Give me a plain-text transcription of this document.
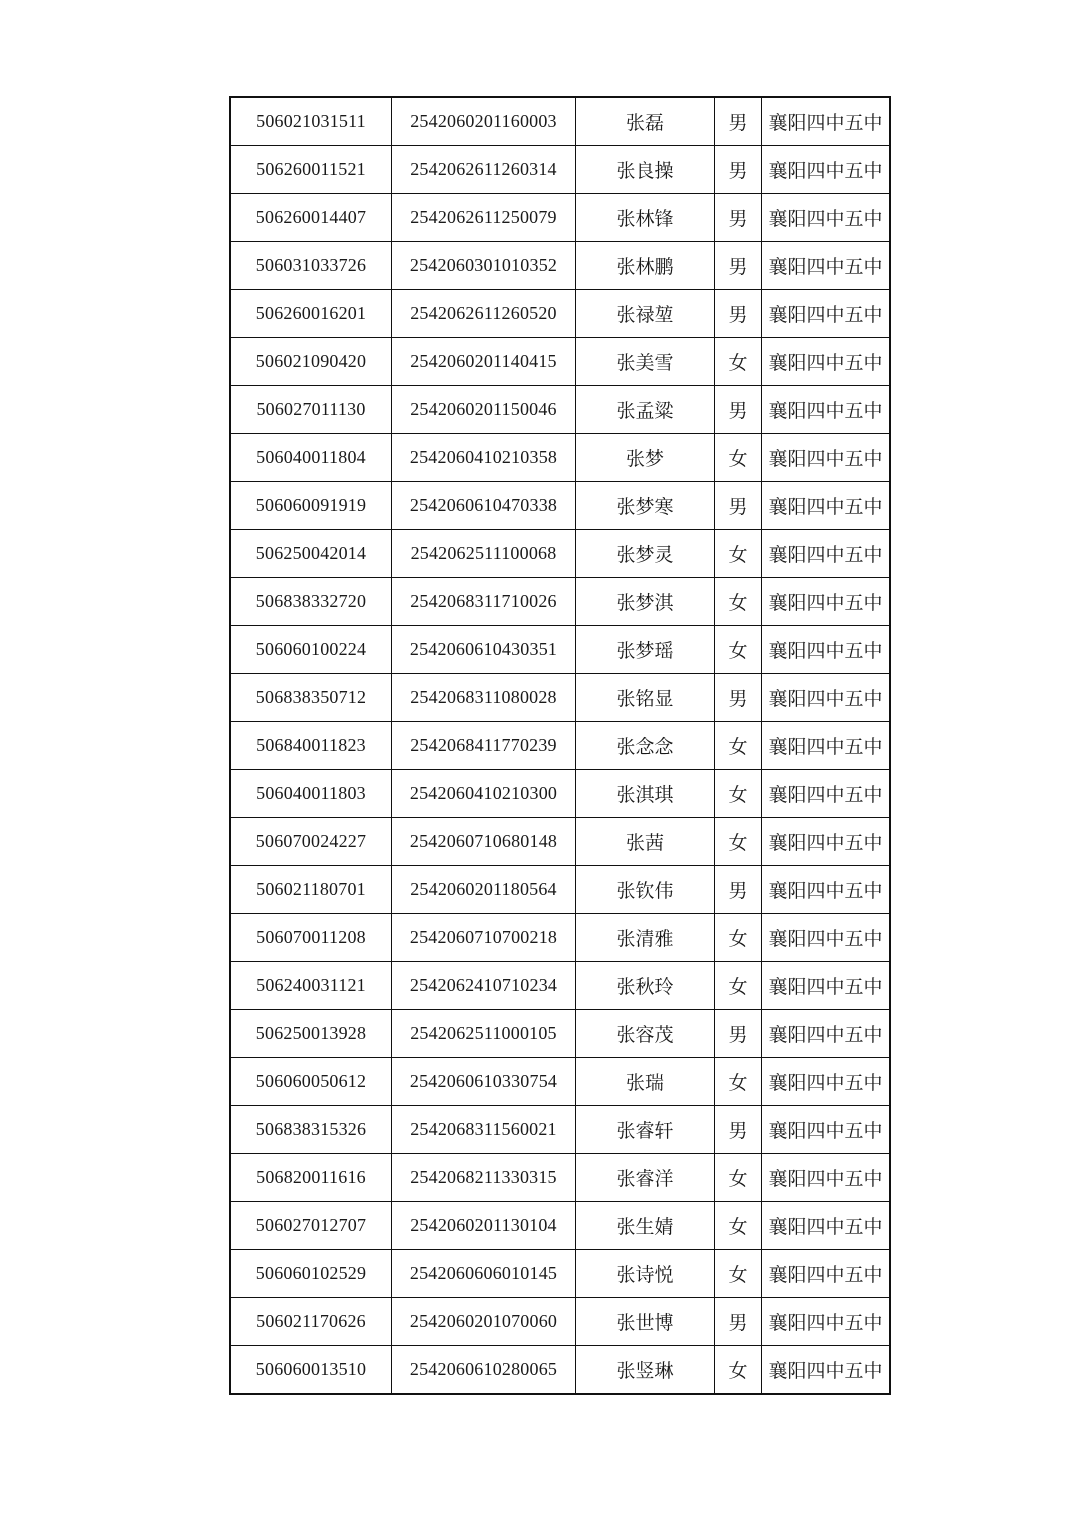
506021031511	2542060201160003	张磊	男	襄阳四中五中
506260011521	2542062611260314	张良操	男	襄阳四中五中
506260014407	2542062611250079	张林锋	男	襄阳四中五中
506031033726	2542060301010352	张林鹏	男	襄阳四中五中
506260016201	2542062611260520	张禄堃	男	襄阳四中五中
506021090420	2542060201140415	张美雪	女	襄阳四中五中
506027011130	2542060201150046	张孟粱	男	襄阳四中五中
506040011804	2542060410210358	张梦	女	襄阳四中五中
506060091919	2542060610470338	张梦寒	男	襄阳四中五中
506250042014	2542062511100068	张梦灵	女	襄阳四中五中
506838332720	2542068311710026	张梦淇	女	襄阳四中五中
506060100224	2542060610430351	张梦瑶	女	襄阳四中五中
506838350712	2542068311080028	张铭显	男	襄阳四中五中
506840011823	2542068411770239	张念念	女	襄阳四中五中
506040011803	2542060410210300	张淇琪	女	襄阳四中五中
506070024227	2542060710680148	张茜	女	襄阳四中五中
506021180701	2542060201180564	张钦伟	男	襄阳四中五中
506070011208	2542060710700218	张清雅	女	襄阳四中五中
506240031121	2542062410710234	张秋玲	女	襄阳四中五中
506250013928	2542062511000105	张容茂	男	襄阳四中五中
506060050612	2542060610330754	张瑞	女	襄阳四中五中
506838315326	2542068311560021	张睿轩	男	襄阳四中五中
506820011616	2542068211330315	张睿洋	女	襄阳四中五中
506027012707	2542060201130104	张生婧	女	襄阳四中五中
506060102529	2542060606010145	张诗悦	女	襄阳四中五中
506021170626	2542060201070060	张世博	男	襄阳四中五中
506060013510	2542060610280065	张竖琳	女	襄阳四中五中
